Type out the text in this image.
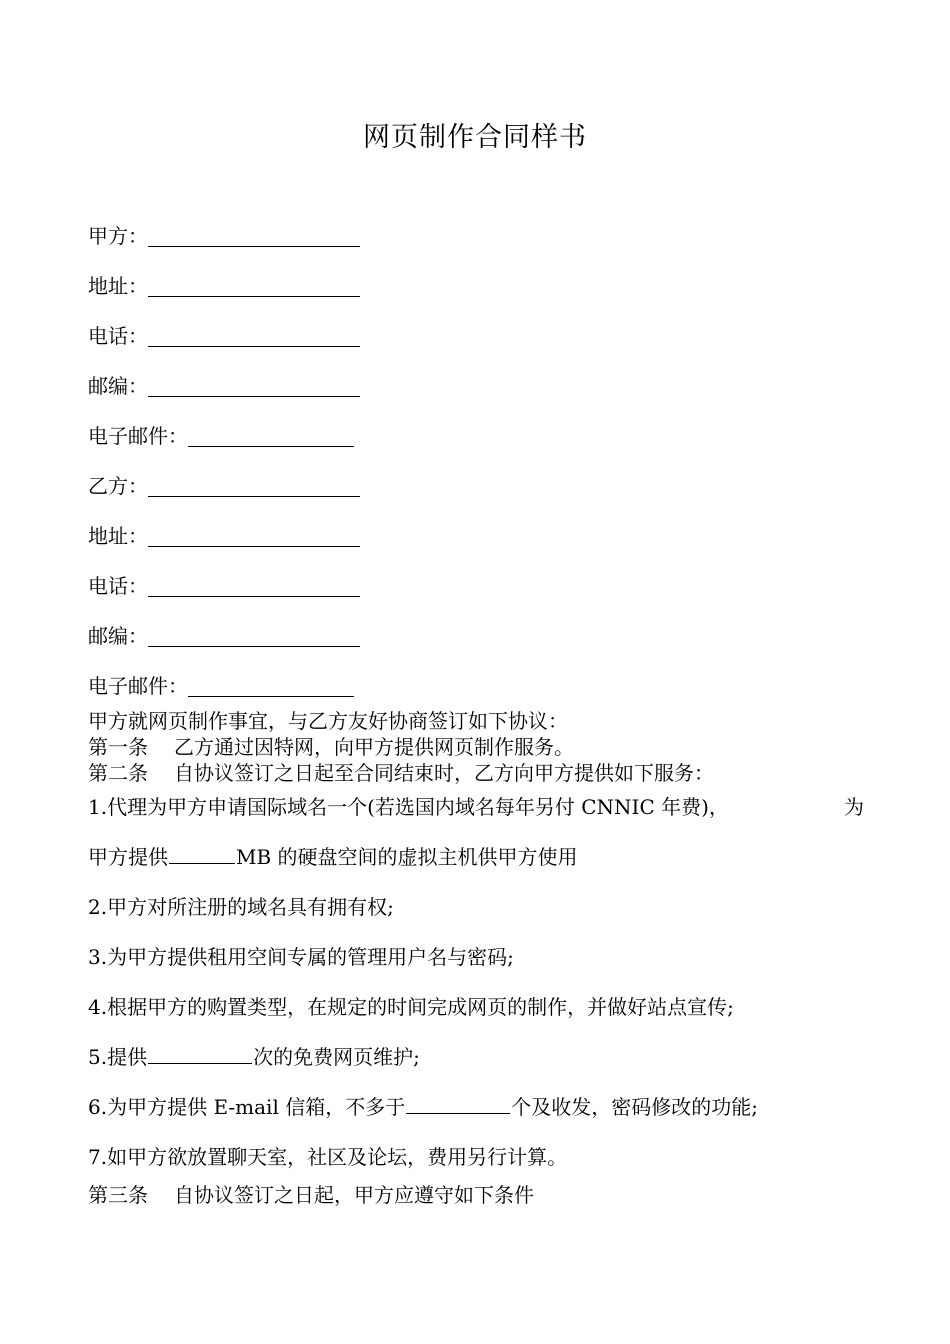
网页制作合同样书
甲方：
地址：
电话：
邮编：
电子邮件：
乙方：
地址：
电话：
邮编：
电子邮件：
甲方就网页制作事宜，与乙方友好协商签订如下协议：
第一条 乙方通过因特网，向甲方提供网页制作服务。
第二条 自协议签订之日起至合同结束时，乙方向甲方提供如下服务：
1.代理为甲方申请国际域名一个(若选国内域名每年另付 CNNIC 年费)，	为
甲方提供	MB 的硬盘空间的虚拟主机供甲方使用
2.甲方对所注册的域名具有拥有权;
3.为甲方提供租用空间专属的管理用户名与密码;
4.根据甲方的购置类型，在规定的时间完成网页的制作，并做好站点宣传;
5.提供	次的免费网页维护;
6.为甲方提供 E-mail 信箱，不多于	个及收发，密码修改的功能;
7.如甲方欲放置聊天室，社区及论坛，费用另行计算。
第三条 自协议签订之日起，甲方应遵守如下条件
